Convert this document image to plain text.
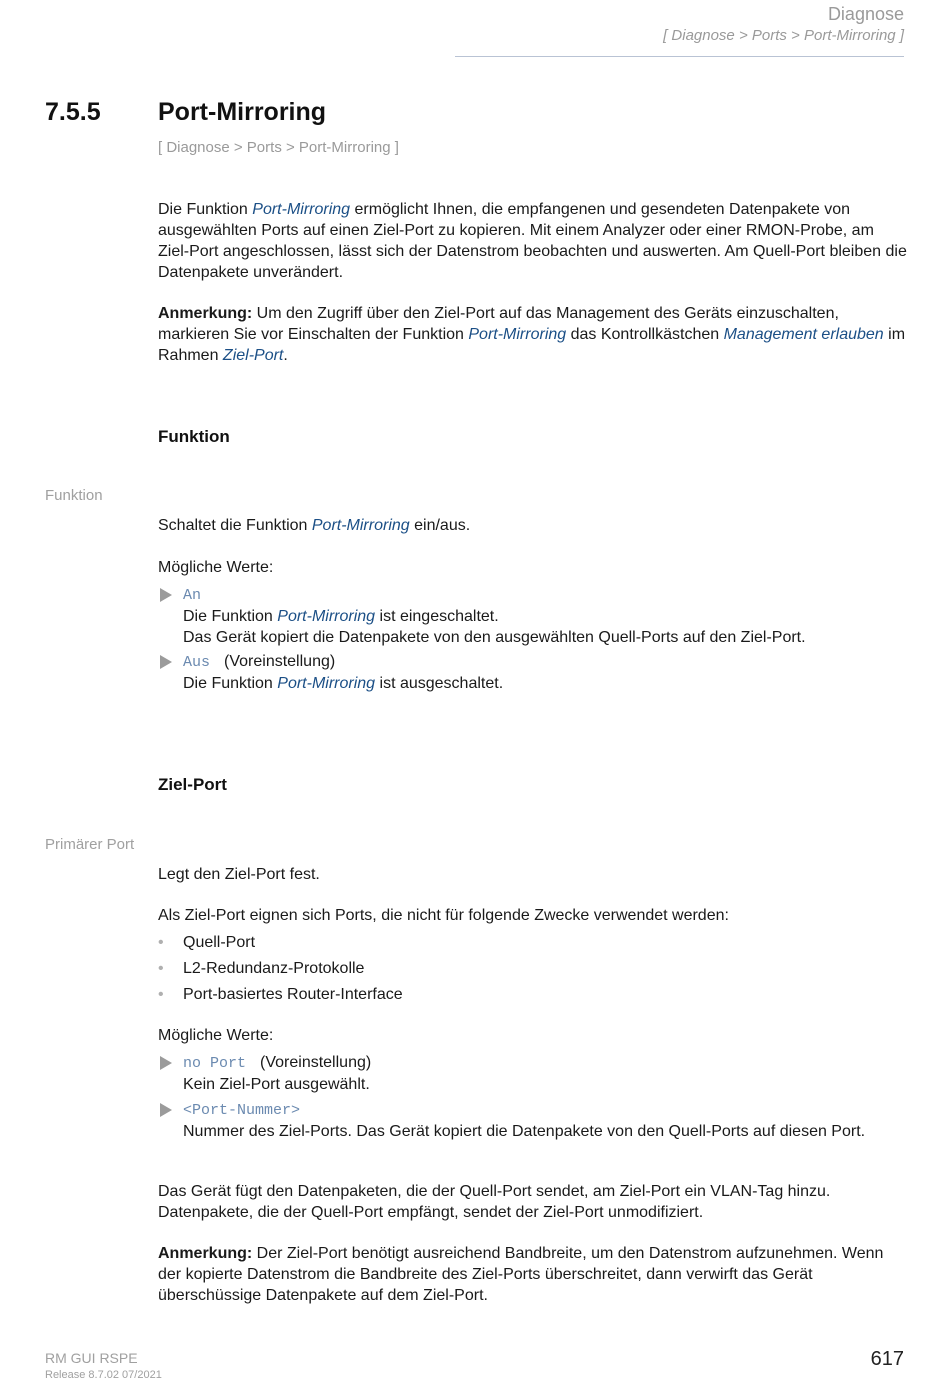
Diagnose
[ Diagnose > Ports > Port-Mirroring ]
7.5.5 Port-Mirroring
[ Diagnose > Ports > Port-Mirroring ]
Die Funktion Port-Mirroring ermöglicht Ihnen, die empfangenen und gesendeten Datenpakete von ausgewählten Ports auf einen Ziel-Port zu kopieren. Mit einem Analyzer oder einer RMON-Probe, am Ziel-Port angeschlossen, lässt sich der Datenstrom beobachten und auswerten. Am Quell-Port bleiben die Datenpakete unverändert.
Anmerkung: Um den Zugriff über den Ziel-Port auf das Management des Geräts einzuschalten, markieren Sie vor Einschalten der Funktion Port-Mirroring das Kontrollkästchen Management erlauben im Rahmen Ziel-Port.
Funktion
Funktion
Schaltet die Funktion Port-Mirroring ein/aus.
Mögliche Werte:
An
Die Funktion Port-Mirroring ist eingeschaltet.
Das Gerät kopiert die Datenpakete von den ausgewählten Quell-Ports auf den Ziel-Port.
Aus (Voreinstellung)
Die Funktion Port-Mirroring ist ausgeschaltet.
Ziel-Port
Primärer Port
Legt den Ziel-Port fest.
Als Ziel-Port eignen sich Ports, die nicht für folgende Zwecke verwendet werden:
• Quell-Port
• L2-Redundanz-Protokolle
• Port-basiertes Router-Interface
Mögliche Werte:
no Port (Voreinstellung)
Kein Ziel-Port ausgewählt.
<Port-Nummer>
Nummer des Ziel-Ports. Das Gerät kopiert die Datenpakete von den Quell-Ports auf diesen Port.
Das Gerät fügt den Datenpaketen, die der Quell-Port sendet, am Ziel-Port ein VLAN-Tag hinzu. Datenpakete, die der Quell-Port empfängt, sendet der Ziel-Port unmodifiziert.
Anmerkung: Der Ziel-Port benötigt ausreichend Bandbreite, um den Datenstrom aufzunehmen. Wenn der kopierte Datenstrom die Bandbreite des Ziel-Ports überschreitet, dann verwirft das Gerät überschüssige Datenpakete auf dem Ziel-Port.
RM GUI RSPE
Release 8.7.02 07/2021
617
